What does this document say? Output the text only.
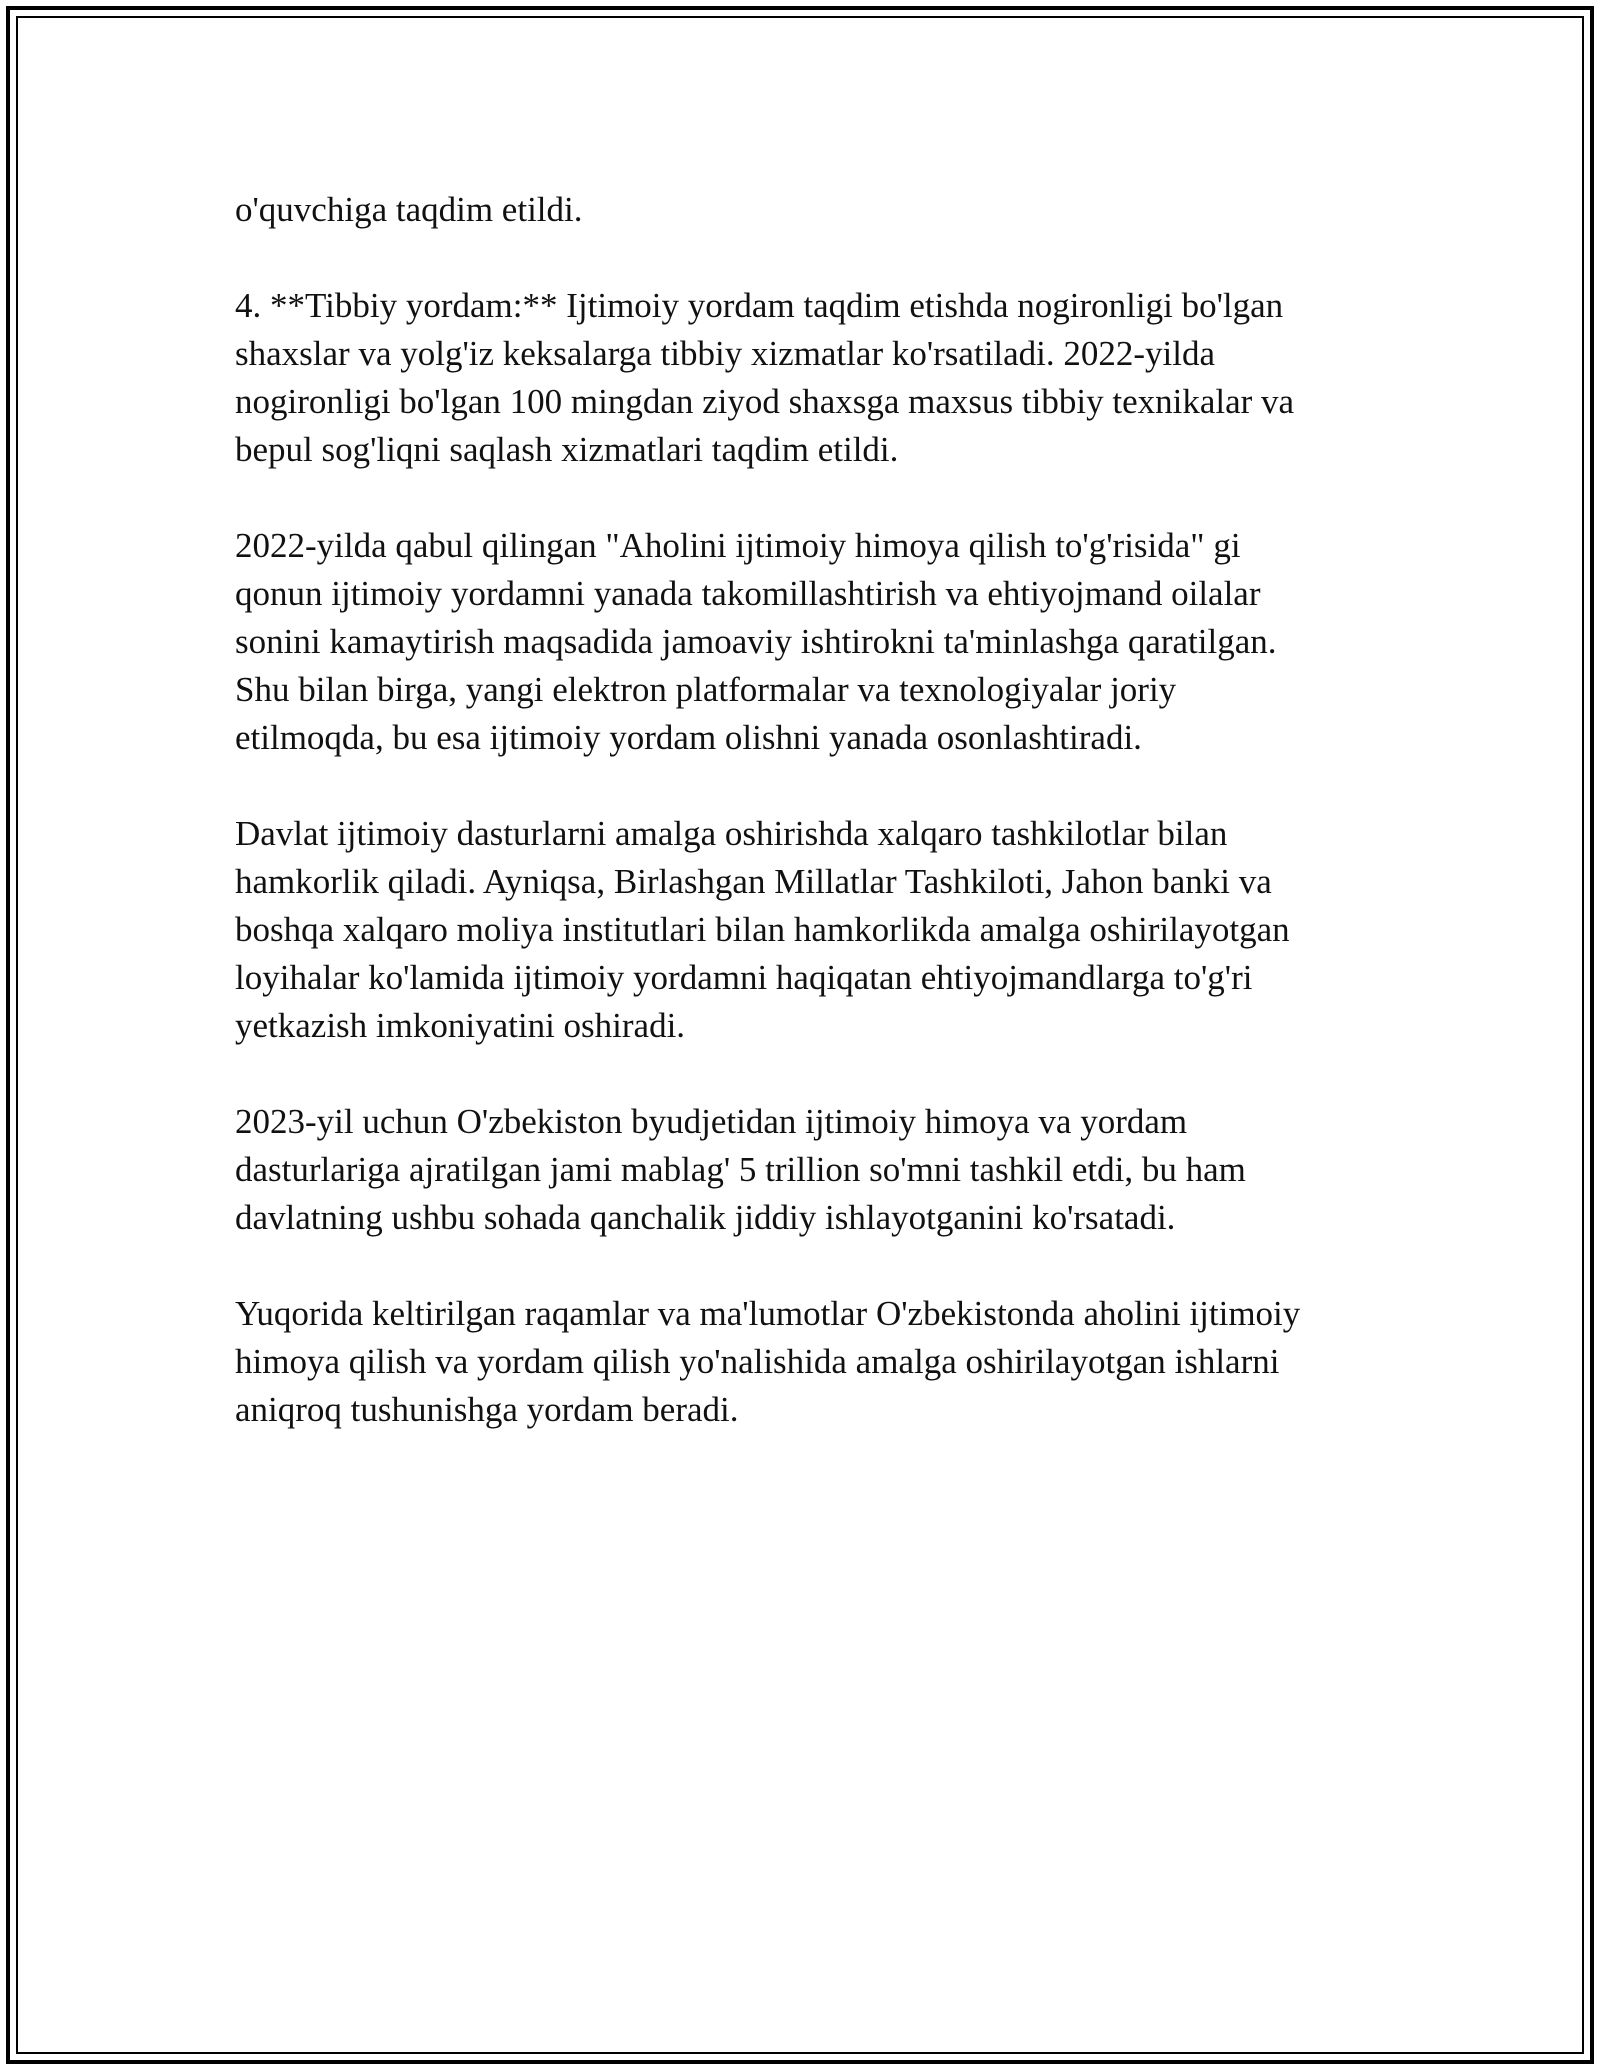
o'quvchiga taqdim etildi.
4. **Tibbiy yordam:** Ijtimoiy yordam taqdim etishda nogironligi bo'lgan
shaxslar va yolg'iz keksalarga tibbiy xizmatlar ko'rsatiladi. 2022-yilda
nogironligi bo'lgan 100 mingdan ziyod shaxsga maxsus tibbiy texnikalar va
bepul sog'liqni saqlash xizmatlari taqdim etildi.
2022-yilda qabul qilingan "Aholini ijtimoiy himoya qilish to'g'risida" gi
qonun ijtimoiy yordamni yanada takomillashtirish va ehtiyojmand oilalar
sonini kamaytirish maqsadida jamoaviy ishtirokni ta'minlashga qaratilgan.
Shu bilan birga, yangi elektron platformalar va texnologiyalar joriy
etilmoqda, bu esa ijtimoiy yordam olishni yanada osonlashtiradi.
Davlat ijtimoiy dasturlarni amalga oshirishda xalqaro tashkilotlar bilan
hamkorlik qiladi. Ayniqsa, Birlashgan Millatlar Tashkiloti, Jahon banki va
boshqa xalqaro moliya institutlari bilan hamkorlikda amalga oshirilayotgan
loyihalar ko'lamida ijtimoiy yordamni haqiqatan ehtiyojmandlarga to'g'ri
yetkazish imkoniyatini oshiradi.
2023-yil uchun O'zbekiston byudjetidan ijtimoiy himoya va yordam
dasturlariga ajratilgan jami mablag' 5 trillion so'mni tashkil etdi, bu ham
davlatning ushbu sohada qanchalik jiddiy ishlayotganini ko'rsatadi.
Yuqorida keltirilgan raqamlar va ma'lumotlar O'zbekistonda aholini ijtimoiy
himoya qilish va yordam qilish yo'nalishida amalga oshirilayotgan ishlarni
aniqroq tushunishga yordam beradi.
